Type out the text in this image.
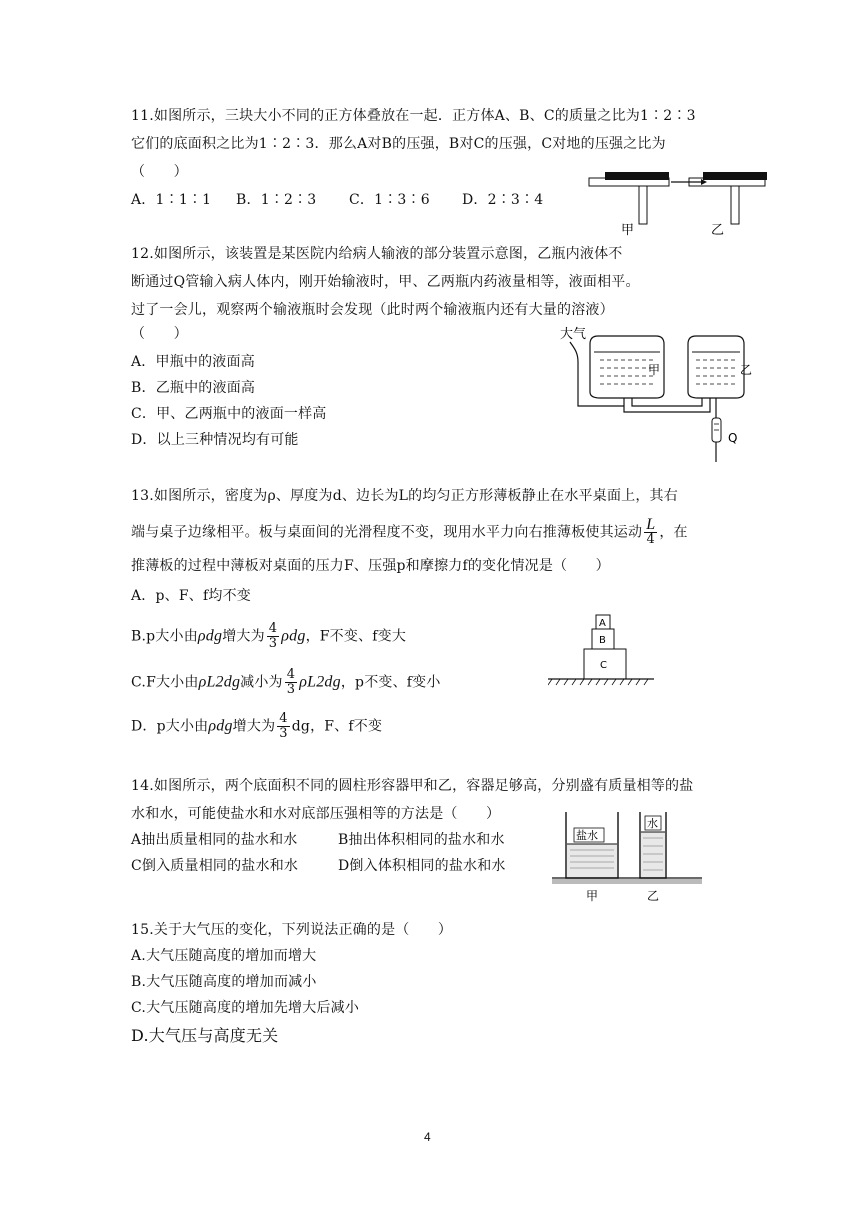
11.如图所示，三块大小不同的正方体叠放在一起．正方体A、B、C的质量之比为1∶2∶3
它们的底面积之比为1∶2∶3．那么A对B的压强，B对C的压强，C对地的压强之比为
（　　）
A．1∶1∶1 B．1∶2∶3 C．1∶3∶6 D．2∶3∶4
甲	乙
12.如图所示，该装置是某医院内给病人输液的部分装置示意图，乙瓶内液体不
断通过Q管输入病人体内，刚开始输液时，甲、乙两瓶内药液量相等，液面相平。
过了一会儿，观察两个输液瓶时会发现（此时两个输液瓶内还有大量的溶液）
（　　）
A．甲瓶中的液面高
B．乙瓶中的液面高
C．甲、乙两瓶中的液面一样高
D．以上三种情况均有可能
大气
甲	乙
Q
13.如图所示，密度为ρ、厚度为d、边长为L的均匀正方形薄板静止在水平桌面上，其右
端与桌子边缘相平。板与桌面间的光滑程度不变，现用水平力向右推薄板使其运动 $\frac{L}{4}$ ，在
推薄板的过程中薄板对桌面的压力F、压强p和摩擦力f的变化情况是（　　）
A．p、F、f均不变
B.p大小由ρdg增大为 $\frac{4}{3}$ ρdg，F不变、f变大
C.F大小由ρL2dg减小为 $\frac{4}{3} \rho L2dg$，p不变、f变小
D．p大小由ρdg增大为 $\frac{4}{3}$ dg，F、f不变
A
B
C
14.如图所示，两个底面积不同的圆柱形容器甲和乙，容器足够高，分别盛有质量相等的盐
水和水，可能使盐水和水对底部压强相等的方法是（　　）
A抽出质量相同的盐水和水	B抽出体积相同的盐水和水
C倒入质量相同的盐水和水	D倒入体积相同的盐水和水
盐水
水
甲	乙
15.关于大气压的变化，下列说法正确的是（　　）
A.大气压随高度的增加而增大
B.大气压随高度的增加而减小
C.大气压随高度的增加先增大后减小
D.大气压与高度无关
4
